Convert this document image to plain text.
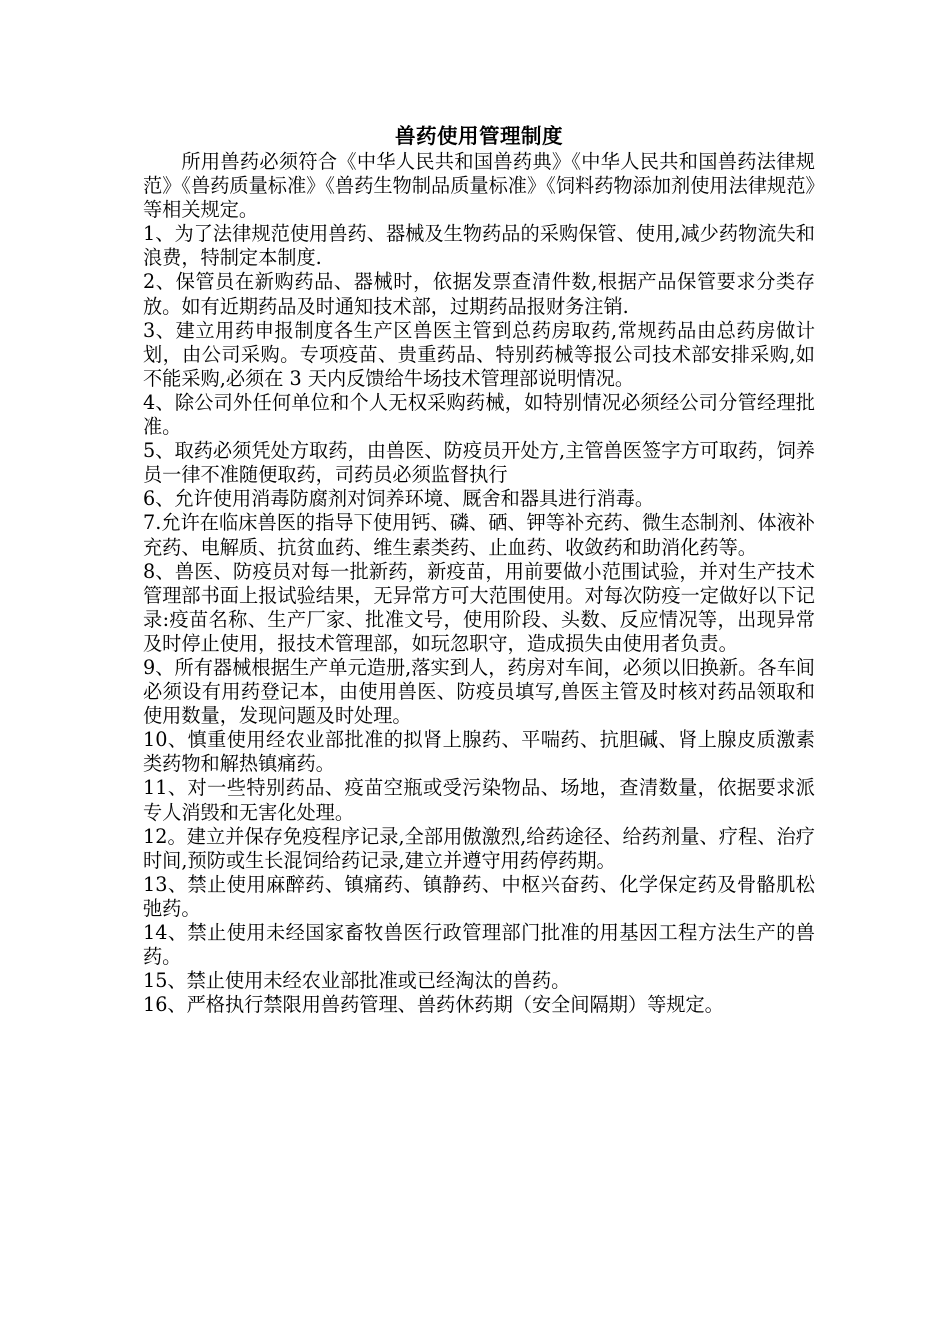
兽药使用管理制度

所用兽药必须符合《中华人民共和国兽药典》《中华人民共和国兽药法律规范》《兽药质量标准》《兽药生物制品质量标准》《饲料药物添加剂使用法律规范》等相关规定。

1、为了法律规范使用兽药、器械及生物药品的采购保管、使用,减少药物流失和浪费，特制定本制度.

2、保管员在新购药品、器械时，依据发票查清件数,根据产品保管要求分类存放。如有近期药品及时通知技术部，过期药品报财务注销.

3、建立用药申报制度各生产区兽医主管到总药房取药,常规药品由总药房做计划，由公司采购。专项疫苗、贵重药品、特别药械等报公司技术部安排采购,如不能采购,必须在 3 天内反馈给牛场技术管理部说明情况。

4、除公司外任何单位和个人无权采购药械，如特别情况必须经公司分管经理批准。

5、取药必须凭处方取药，由兽医、防疫员开处方,主管兽医签字方可取药，饲养员一律不准随便取药，司药员必须监督执行

6、允许使用消毒防腐剂对饲养环境、厩舍和器具进行消毒。

7.允许在临床兽医的指导下使用钙、磷、硒、钾等补充药、微生态制剂、体液补充药、电解质、抗贫血药、维生素类药、止血药、收敛药和助消化药等。

8、兽医、防疫员对每一批新药，新疫苗，用前要做小范围试验，并对生产技术管理部书面上报试验结果，无异常方可大范围使用。对每次防疫一定做好以下记录:疫苗名称、生产厂家、批准文号，使用阶段、头数、反应情况等，出现异常及时停止使用，报技术管理部，如玩忽职守，造成损失由使用者负责。

9、所有器械根据生产单元造册,落实到人，药房对车间，必须以旧换新。各车间必须设有用药登记本，由使用兽医、防疫员填写,兽医主管及时核对药品领取和使用数量，发现问题及时处理。

10、慎重使用经农业部批准的拟肾上腺药、平喘药、抗胆碱、肾上腺皮质激素类药物和解热镇痛药。

11、对一些特别药品、疫苗空瓶或受污染物品、场地，查清数量，依据要求派专人消毁和无害化处理。

12。建立并保存免疫程序记录,全部用傲激烈,给药途径、给药剂量、疗程、治疗时间,预防或生长混饲给药记录,建立并遵守用药停药期。

13、禁止使用麻醉药、镇痛药、镇静药、中枢兴奋药、化学保定药及骨骼肌松弛药。

14、禁止使用未经国家畜牧兽医行政管理部门批准的用基因工程方法生产的兽药。

15、禁止使用未经农业部批准或已经淘汰的兽药。

16、严格执行禁限用兽药管理、兽药休药期（安全间隔期）等规定。
